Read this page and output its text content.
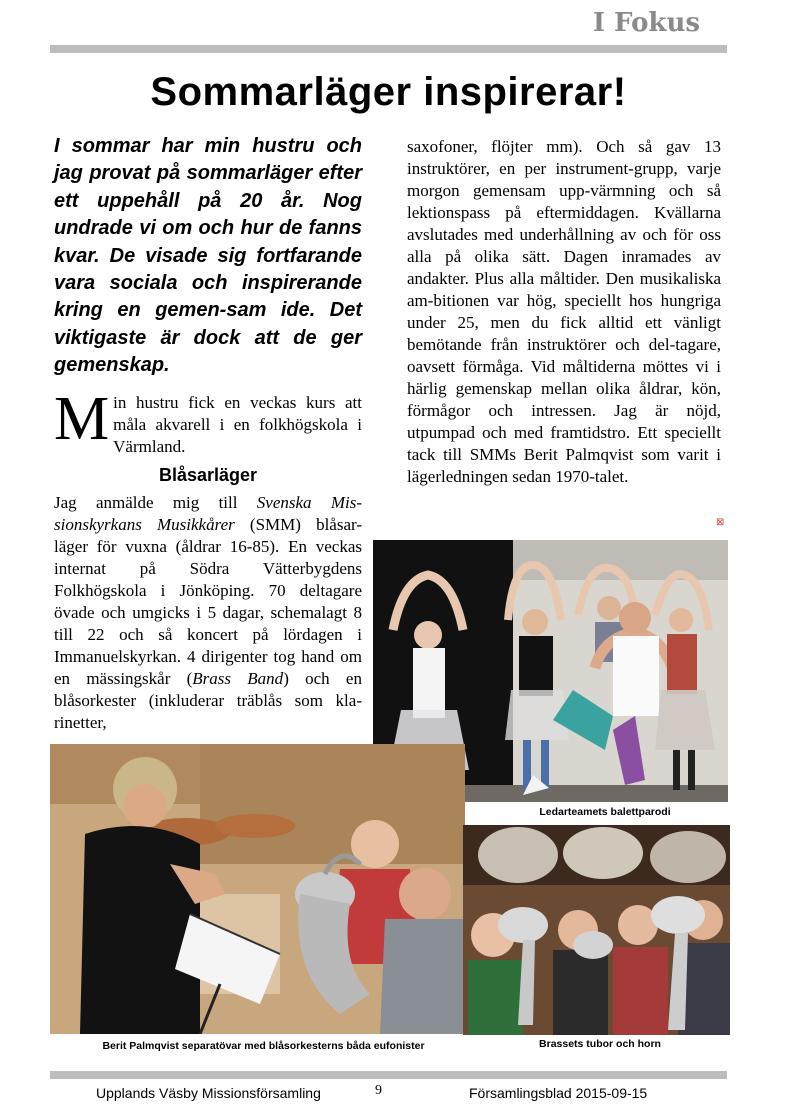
I Fokus
Sommarläger inspirerar!
I sommar har min hustru och jag provat på sommarläger efter ett uppehåll på 20 år. Nog undrade vi om och hur de fanns kvar. De visade sig fortfarande vara sociala och inspirerande kring en gemen-sam ide. Det viktigaste är dock att de ger gemenskap.
Min hustru fick en veckas kurs att måla akvarell i en folkhögskola i Värmland.
Blåsarläger
Jag anmälde mig till Svenska Mis-sionskyrkans Musikkårer (SMM) blåsar-läger för vuxna (åldrar 16-85). En veckas internat på Södra Vätterbygdens Folkhögskola i Jönköping. 70 deltagare övade och umgicks i 5 dagar, schemalagt 8 till 22 och så koncert på lördagen i Immanuelskyrkan. 4 dirigenter tog hand om en mässingskår (Brass Band) och en blåsorkester (inkluderar träblås som kla-rinetter,
saxofoner, flöjter mm). Och så gav 13 instruktörer, en per instrument-grupp, varje morgon gemensam upp-värmning och så lektionspass på eftermiddagen. Kvällarna avslutades med underhållning av och för oss alla på olika sätt. Dagen inramades av andakter. Plus alla måltider. Den musikaliska am-bitionen var hög, speciellt hos hungriga under 25, men du fick alltid ett vänligt bemötande från instruktörer och del-tagare, oavsett förmåga. Vid måltiderna möttes vi i härlig gemenskap mellan olika åldrar, kön, förmågor och intressen. Jag är nöjd, utpumpad och med framtidstro. Ett speciellt tack till SMMs Berit Palmqvist som varit i lägerledningen sedan 1970-talet.
⊠
Ledarteamets balettparodi
Berit Palmqvist separatövar med blåsorkesterns båda eufonister	Brassets tubor och horn
Upplands Väsby Missionsförsamling	9	Församlingsblad 2015-09-15
